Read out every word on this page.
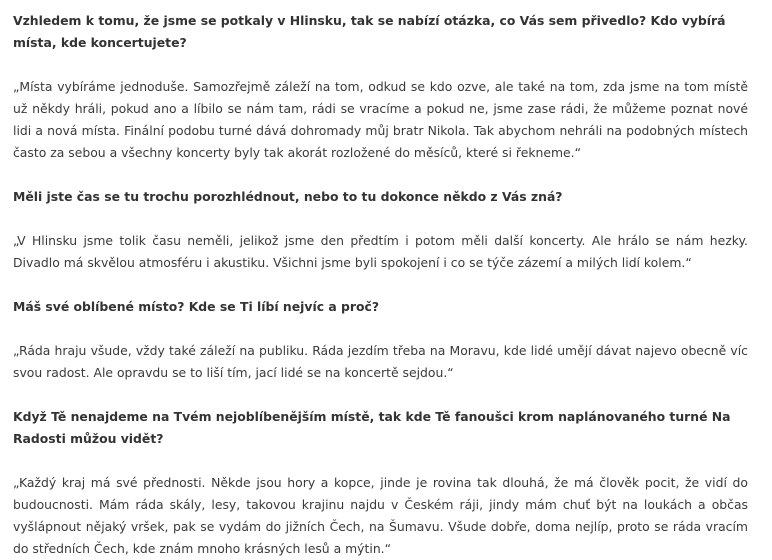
Vzhledem k tomu, že jsme se potkaly v Hlinsku, tak se nabízí otázka, co Vás sem přivedlo? Kdo vybírá místa, kde koncertujete?

„Místa vybíráme jednoduše. Samozřejmě záleží na tom, odkud se kdo ozve, ale také na tom, zda jsme na tom místě už někdy hráli, pokud ano a líbilo se nám tam, rádi se vracíme a pokud ne, jsme zase rádi, že můžeme poznat nové lidi a nová místa. Finální podobu turné dává dohromady můj bratr Nikola. Tak abychom nehráli na podobných místech často za sebou a všechny koncerty byly tak akorát rozložené do měsíců, které si řekneme.“

Měli jste čas se tu trochu porozhlédnout, nebo to tu dokonce někdo z Vás zná?

„V Hlinsku jsme tolik času neměli, jelikož jsme den předtím i potom měli další koncerty. Ale hrálo se nám hezky. Divadlo má skvělou atmosféru i akustiku. Všichni jsme byli spokojení i co se týče zázemí a milých lidí kolem.“

Máš své oblíbené místo? Kde se Ti líbí nejvíc a proč?

„Ráda hraju všude, vždy také záleží na publiku. Ráda jezdím třeba na Moravu, kde lidé umějí dávat najevo obecně víc svou radost. Ale opravdu se to liší tím, jací lidé se na koncertě sejdou.“

Když Tě nenajdeme na Tvém nejoblíbenějším místě, tak kde Tě fanoušci krom naplánovaného turné Na Radosti můžou vidět?

„Každý kraj má své přednosti. Někde jsou hory a kopce, jinde je rovina tak dlouhá, že má člověk pocit, že vidí do budoucnosti. Mám ráda skály, lesy, takovou krajinu najdu v Českém ráji, jindy mám chuť být na loukách a občas vyšlápnout nějaký vršek, pak se vydám do jižních Čech, na Šumavu. Všude dobře, doma nejlíp, proto se ráda vracím do středních Čech, kde znám mnoho krásných lesů a mýtin.“
